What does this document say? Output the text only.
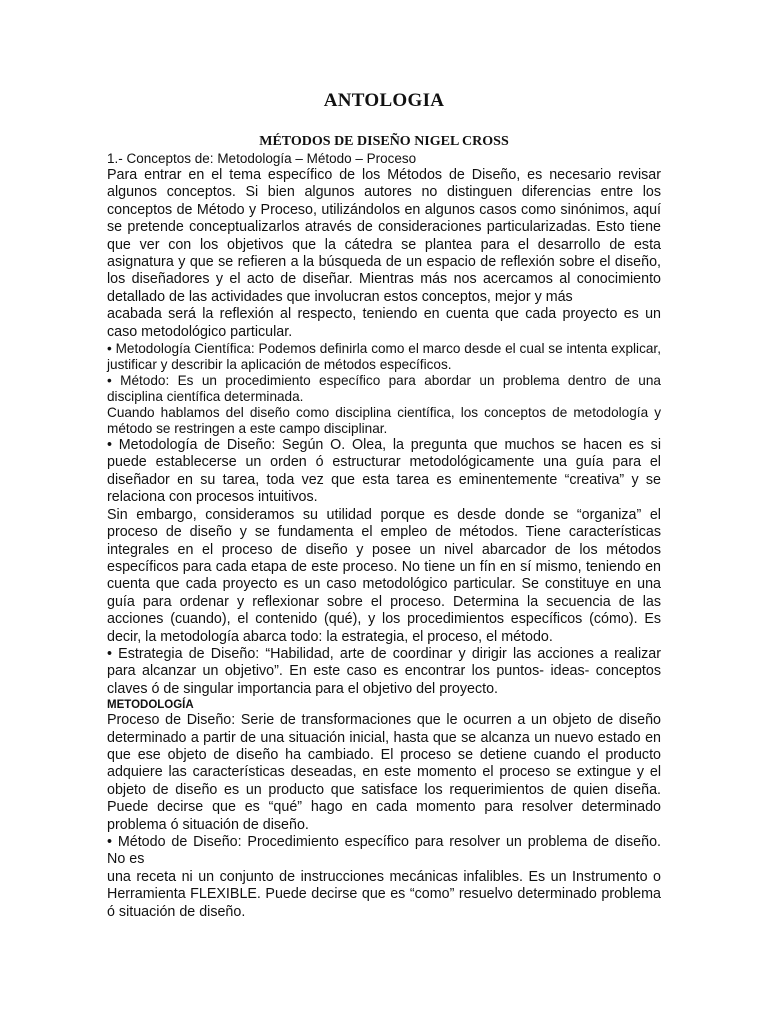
ANTOLOGIA
MÉTODOS DE DISEÑO NIGEL CROSS

1.- Conceptos de: Metodología – Método – Proceso

Para entrar en el tema específico de los Métodos de Diseño, es necesario revisar algunos conceptos. Si bien algunos autores no distinguen diferencias entre los conceptos de Método y Proceso, utilizándolos en algunos casos como sinónimos, aquí se pretende conceptualizarlos através de consideraciones particularizadas. Esto tiene que ver con los objetivos que la cátedra se plantea para el desarrollo de esta asignatura y que se refieren a la búsqueda de un espacio de reflexión sobre el diseño, los diseñadores y el acto de diseñar. Mientras más nos acercamos al conocimiento detallado de las actividades que involucran estos conceptos, mejor y más

acabada será la reflexión al respecto, teniendo en cuenta que cada proyecto es un caso metodológico particular.

• Metodología Científica: Podemos definirla como el marco desde el cual se intenta explicar, justificar y describir la aplicación de métodos específicos.

• Método: Es un procedimiento específico para abordar un problema dentro de una disciplina científica determinada.

Cuando hablamos del diseño como disciplina científica, los conceptos de metodología y método se restringen a este campo disciplinar.

• Metodología de Diseño: Según O. Olea, la pregunta que muchos se hacen es si puede establecerse un orden ó estructurar metodológicamente una guía para el diseñador en su tarea, toda vez que esta tarea es eminentemente “creativa” y se relaciona con procesos intuitivos.

Sin embargo, consideramos su utilidad porque es desde donde se “organiza” el proceso de diseño y se fundamenta el empleo de métodos. Tiene características integrales en el proceso de diseño y posee un nivel abarcador de los métodos específicos para cada etapa de este proceso. No tiene un fín en sí mismo, teniendo en cuenta que cada proyecto es un caso metodológico particular. Se constituye en una guía para ordenar y reflexionar sobre el proceso. Determina la secuencia de las acciones (cuando), el contenido (qué), y los procedimientos específicos (cómo). Es decir, la metodología abarca todo: la estrategia, el proceso, el método.

• Estrategia de Diseño: “Habilidad, arte de coordinar y dirigir las acciones a realizar para alcanzar un objetivo”. En este caso es encontrar los puntos- ideas- conceptos claves ó de singular importancia para el objetivo del proyecto.

METODOLOGÍA

Proceso de Diseño: Serie de transformaciones que le ocurren a un objeto de diseño determinado a partir de una situación inicial, hasta que se alcanza un nuevo estado en que ese objeto de diseño ha cambiado. El proceso se detiene cuando el producto adquiere las características deseadas, en este momento el proceso se extingue y el objeto de diseño es un producto que satisface los requerimientos de quien diseña. Puede decirse que es “qué” hago en cada momento para resolver determinado problema ó situación de diseño.

• Método de Diseño: Procedimiento específico para resolver un problema de diseño. No es

una receta ni un conjunto de instrucciones mecánicas infalibles. Es un Instrumento o Herramienta FLEXIBLE. Puede decirse que es “como” resuelvo determinado problema ó situación de diseño.
